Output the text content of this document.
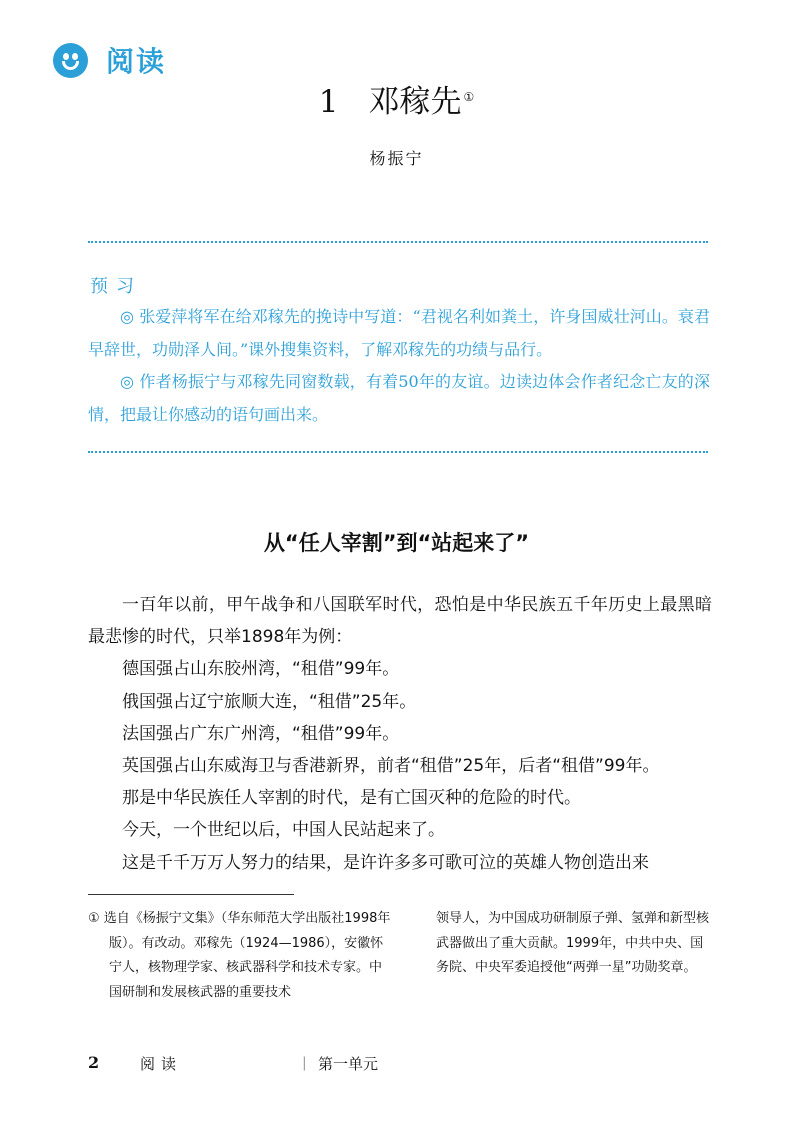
阅读
1 邓稼先 ①
杨振宁
预习

◎ 张爱萍将军在给邓稼先的挽诗中写道：“君视名利如粪土，许身国威壮河山。衰君早辞世，功勋泽人间。”课外搜集资料，了解邓稼先的功绩与品行。

◎ 作者杨振宁与邓稼先同窗数载，有着50年的友谊。边读边体会作者纪念亡友的深情，把最让你感动的语句画出来。

从“任人宰割”到“站起来了”

一百年以前，甲午战争和八国联军时代，恐怕是中华民族五千年历史上最黑暗最悲惨的时代，只举1898年为例：

德国强占山东胶州湾，“租借”99年。

俄国强占辽宁旅顺大连，“租借”25年。

法国强占广东广州湾，“租借”99年。

英国强占山东威海卫与香港新界，前者“租借”25年，后者“租借”99年。

那是中华民族任人宰割的时代，是有亡国灭种的危险的时代。

今天，一个世纪以后，中国人民站起来了。

这是千千万万人努力的结果，是许许多多可歌可泣的英雄人物创造出来

① 选自《杨振宁文集》（华东师范大学出版社1998年版）。有改动。邓稼先（1924—1986），安徽怀宁人，核物理学家、核武器科学和技术专家。中国研制和发展核武器的重要技术

领导人，为中国成功研制原子弹、氢弹和新型核武器做出了重大贡献。1999年，中共中央、国务院、中央军委追授他“两弹一星”功勋奖章。

2	阅读	| 第一单元
